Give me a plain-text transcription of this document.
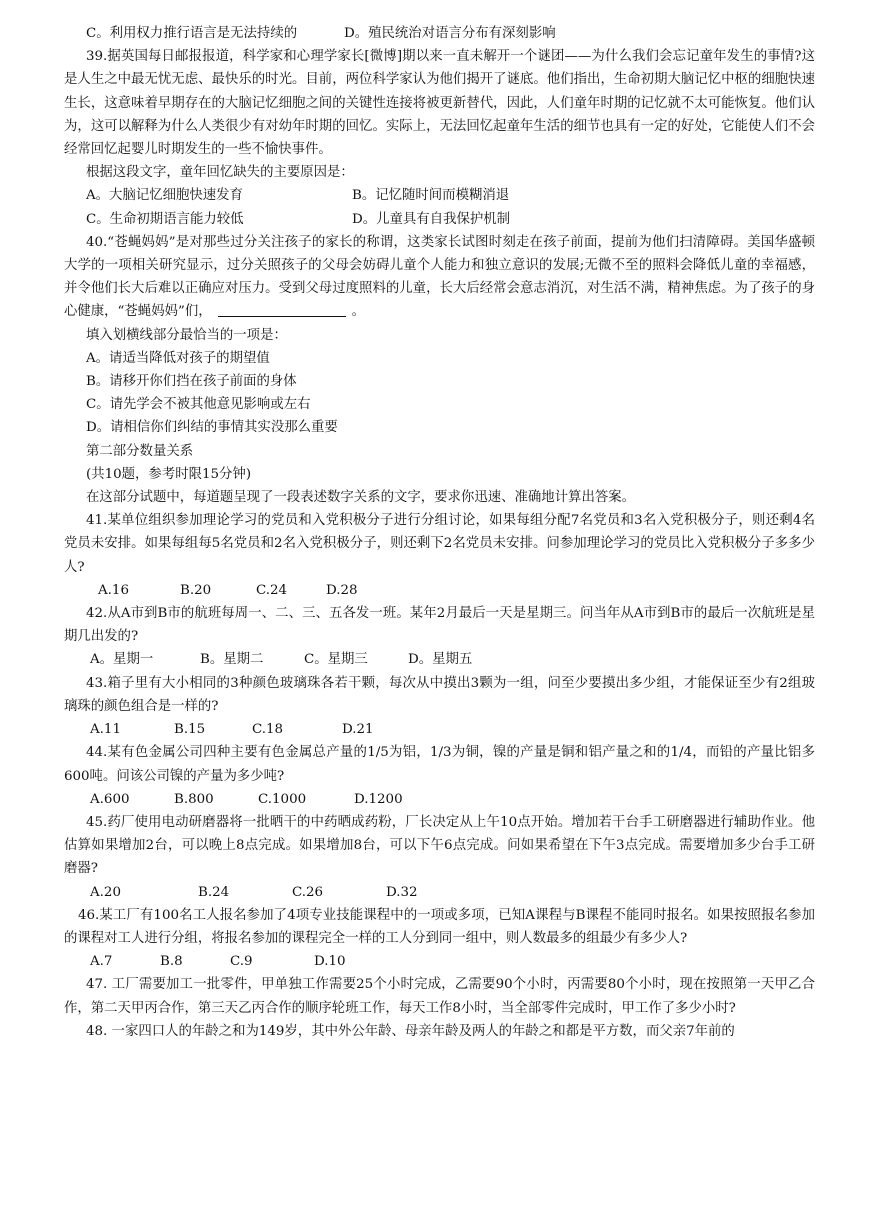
C。利用权力推行语言是无法持续的	D。殖民统治对语言分布有深刻影响

39.据英国每日邮报报道，科学家和心理学家长[微博]期以来一直未解开一个谜团——为什么我们会忘记童年发生的事情?这是人生之中最无忧无虑、最快乐的时光。目前，两位科学家认为他们揭开了谜底。他们指出，生命初期大脑记忆中枢的细胞快速生长，这意味着早期存在的大脑记忆细胞之间的关键性连接将被更新替代，因此，人们童年时期的记忆就不太可能恢复。他们认为，这可以解释为什么人类很少有对幼年时期的回忆。实际上，无法回忆起童年生活的细节也具有一定的好处，它能使人们不会经常回忆起婴儿时期发生的一些不愉快事件。

根据这段文字，童年回忆缺失的主要原因是：

A。大脑记忆细胞快速发育	B。记忆随时间而模糊消退
C。生命初期语言能力较低	D。儿童具有自我保护机制

40.“苍蝇妈妈”是对那些过分关注孩子的家长的称谓，这类家长试图时刻走在孩子前面，提前为他们扫清障碍。美国华盛顿大学的一项相关研究显示，过分关照孩子的父母会妨碍儿童个人能力和独立意识的发展;无微不至的照料会降低儿童的幸福感，并令他们长大后难以正确应对压力。受到父母过度照料的儿童，长大后经常会意志消沉，对生活不满，精神焦虑。为了孩子的身心健康，“苍蝇妈妈”们，	。

填入划横线部分最恰当的一项是：

A。请适当降低对孩子的期望值

B。请移开你们挡在孩子前面的身体

C。请先学会不被其他意见影响或左右

D。请相信你们纠结的事情其实没那么重要

第二部分数量关系

(共10题，参考时限15分钟)

在这部分试题中，每道题呈现了一段表述数字关系的文字，要求你迅速、准确地计算出答案。

41.某单位组织参加理论学习的党员和入党积极分子进行分组讨论，如果每组分配7名党员和3名入党积极分子，则还剩4名党员未安排。如果每组每5名党员和2名入党积极分子，则还剩下2名党员未安排。问参加理论学习的党员比入党积极分子多多少人?

A.16	B.20	C.24	D.28

42.从A市到B市的航班每周一、二、三、五各发一班。某年2月最后一天是星期三。问当年从A市到B市的最后一次航班是星期几出发的?

A。星期一	B。星期二	C。星期三	D。星期五

43.箱子里有大小相同的3种颜色玻璃珠各若干颗，每次从中摸出3颗为一组，问至少要摸出多少组，才能保证至少有2组玻璃珠的颜色组合是一样的?

A.11	B.15	C.18	D.21

44.某有色金属公司四种主要有色金属总产量的1/5为铝，1/3为铜，镍的产量是铜和铝产量之和的1/4，而铅的产量比铝多600吨。问该公司镍的产量为多少吨?

A.600	B.800	C.1000	D.1200

45.药厂使用电动研磨器将一批晒干的中药晒成药粉，厂长决定从上午10点开始。增加若干台手工研磨器进行辅助作业。他估算如果增加2台，可以晚上8点完成。如果增加8台，可以下午6点完成。问如果希望在下午3点完成。需要增加多少台手工研磨器?

A.20	B.24	C.26	D.32

46.某工厂有100名工人报名参加了4项专业技能课程中的一项或多项，已知A课程与B课程不能同时报名。如果按照报名参加的课程对工人进行分组，将报名参加的课程完全一样的工人分到同一组中，则人数最多的组最少有多少人?

A.7	B.8	C.9	D.10

47. 工厂需要加工一批零件，甲单独工作需要25个小时完成，乙需要90个小时，丙需要80个小时，现在按照第一天甲乙合作，第二天甲丙合作，第三天乙丙合作的顺序轮班工作，每天工作8小时，当全部零件完成时，甲工作了多少小时?

48. 一家四口人的年龄之和为149岁，其中外公年龄、母亲年龄及两人的年龄之和都是平方数，而父亲7年前的
